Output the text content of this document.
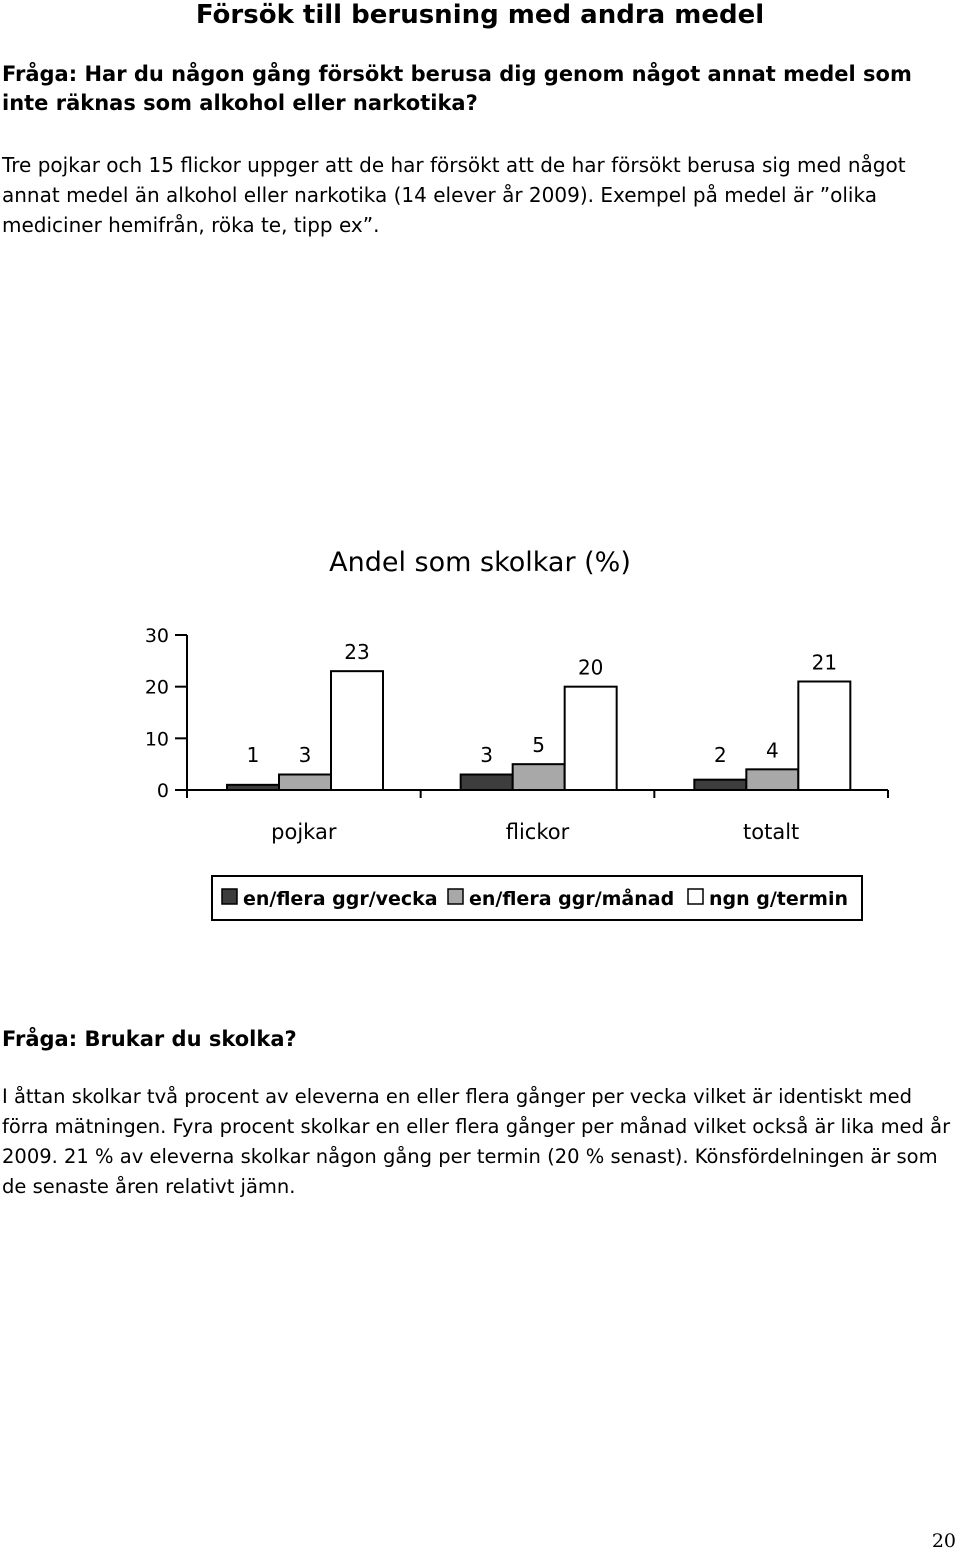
Försök till berusning med andra medel

Fråga: Har du någon gång försökt berusa dig genom något annat medel som inte räknas som alkohol eller narkotika?

Tre pojkar och 15 flickor uppger att de har försökt att de har försökt berusa sig med något annat medel än alkohol eller narkotika (14 elever år 2009). Exempel på medel är ”olika mediciner hemifrån, röka te, tipp ex”.

Andel som skolkar (%)
0
10
20
30
pojkar	flickor	totalt
1 3
23
3 5
20
2 4
21
en/flera ggr/vecka en/flera ggr/månad ngn g/termin

Fråga: Brukar du skolka?

I åttan skolkar två procent av eleverna en eller flera gånger per vecka vilket är identiskt med förra mätningen. Fyra procent skolkar en eller flera gånger per månad vilket också är lika med år 2009. 21 % av eleverna skolkar någon gång per termin (20 % senast). Könsfördelningen är som de senaste åren relativt jämn.

20
